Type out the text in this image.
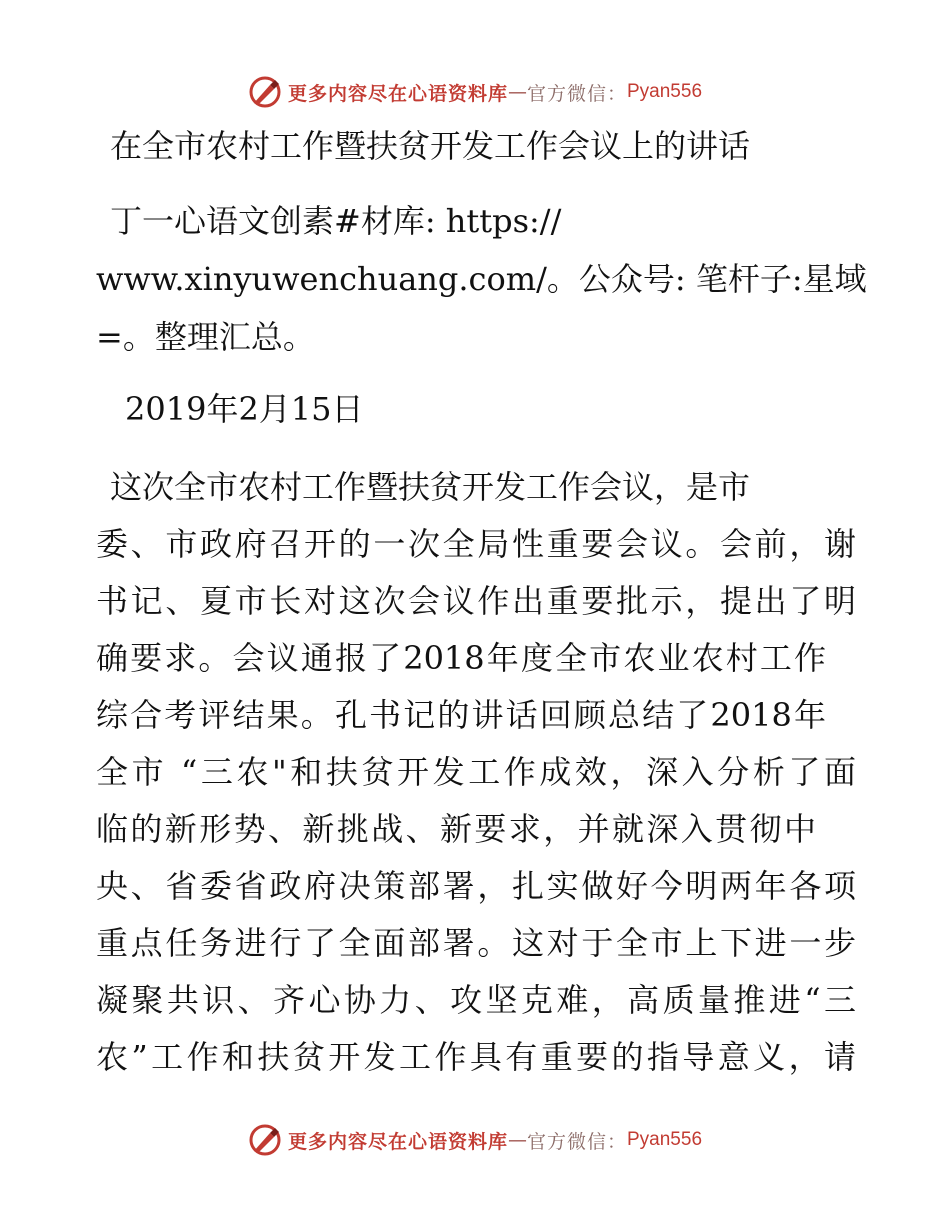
更多内容尽在心语资料库 — 官方微信： Pyan556
在全市农村工作暨扶贫开发工作会议上的讲话
丁一心语文创素#材库: https://
www.xinyuwenchuang.com/。公众号: 笔杆子:星域
=。整理汇总。
2019年2月15日
这次全市农村工作暨扶贫开发工作会议，是市
委、市政府召开的一次全局性重要会议。会前，谢
书记、夏市长对这次会议作出重要批示，提出了明
确要求。会议通报了2018年度全市农业农村工作
综合考评结果。孔书记的讲话回顾总结了2018年
全市 “三农"和扶贫开发工作成效，深入分析了面
临的新形势、新挑战、新要求，并就深入贯彻中
央、省委省政府决策部署，扎实做好今明两年各项
重点任务进行了全面部署。这对于全市上下进一步
凝聚共识、齐心协力、攻坚克难，高质量推进“三
农”工作和扶贫开发工作具有重要的指导意义，请
更多内容尽在心语资料库 — 官方微信： Pyan556
